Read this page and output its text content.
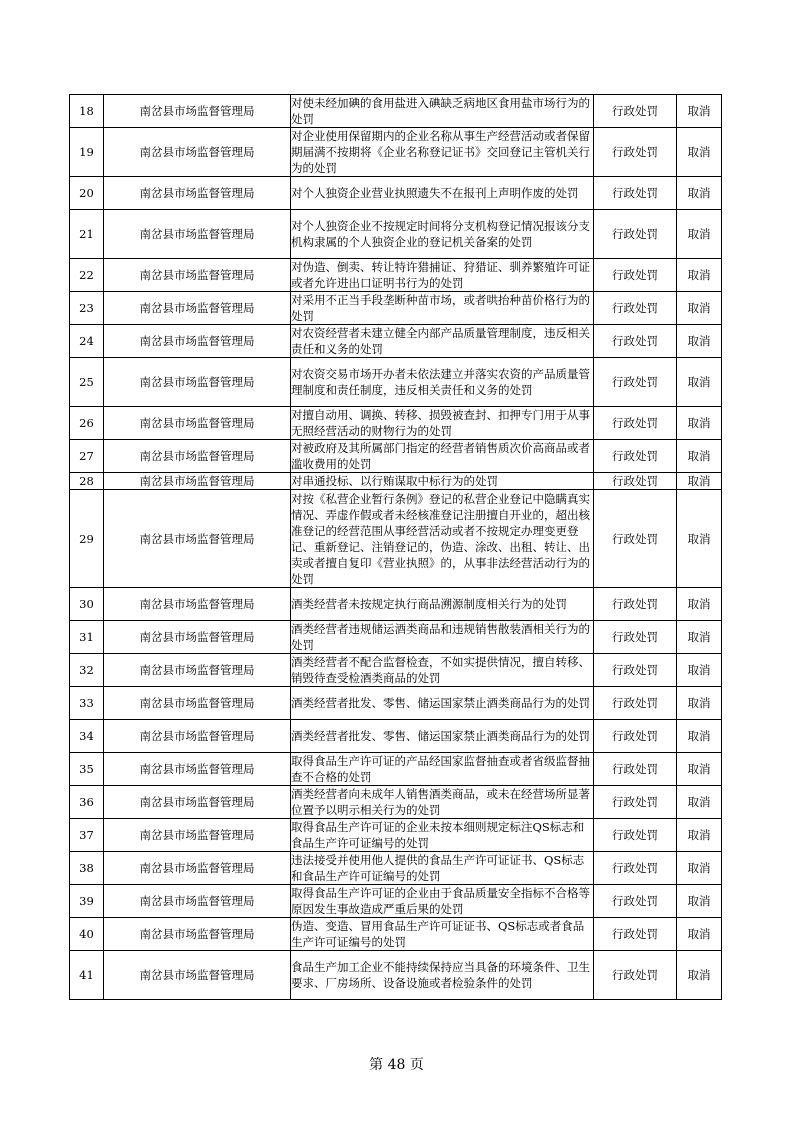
18	南岔县市场监督管理局	对使未经加碘的食用盐进入碘缺乏病地区食用盐市场行为的处罚	行政处罚	取消
19	南岔县市场监督管理局	对企业使用保留期内的企业名称从事生产经营活动或者保留期届满不按期将《企业名称登记证书》交回登记主管机关行为的处罚	行政处罚	取消
20	南岔县市场监督管理局	对个人独资企业营业执照遗失不在报刊上声明作废的处罚	行政处罚	取消
21	南岔县市场监督管理局	对个人独资企业不按规定时间将分支机构登记情况报该分支机构隶属的个人独资企业的登记机关备案的处罚	行政处罚	取消
22	南岔县市场监督管理局	对伪造、倒卖、转让特许猎捕证、狩猎证、驯养繁殖许可证或者允许进出口证明书行为的处罚	行政处罚	取消
23	南岔县市场监督管理局	对采用不正当手段垄断种苗市场，或者哄抬种苗价格行为的处罚	行政处罚	取消
24	南岔县市场监督管理局	对农资经营者未建立健全内部产品质量管理制度，违反相关责任和义务的处罚	行政处罚	取消
25	南岔县市场监督管理局	对农资交易市场开办者未依法建立并落实农资的产品质量管理制度和责任制度，违反相关责任和义务的处罚	行政处罚	取消
26	南岔县市场监督管理局	对擅自动用、调换、转移、损毁被查封、扣押专门用于从事无照经营活动的财物行为的处罚	行政处罚	取消
27	南岔县市场监督管理局	对被政府及其所属部门指定的经营者销售质次价高商品或者滥收费用的处罚	行政处罚	取消
28	南岔县市场监督管理局	对串通投标、以行贿谋取中标行为的处罚	行政处罚	取消
29	南岔县市场监督管理局	对按《私营企业暂行条例》登记的私营企业登记中隐瞒真实情况、弄虚作假或者未经核准登记注册擅自开业的，超出核准登记的经营范围从事经营活动或者不按规定办理变更登记、重新登记、注销登记的，伪造、涂改、出租、转让、出卖或者擅自复印《营业执照》的，从事非法经营活动行为的处罚	行政处罚	取消
30	南岔县市场监督管理局	酒类经营者未按规定执行商品溯源制度相关行为的处罚	行政处罚	取消
31	南岔县市场监督管理局	酒类经营者违规储运酒类商品和违规销售散装酒相关行为的处罚	行政处罚	取消
32	南岔县市场监督管理局	酒类经营者不配合监督检查，不如实提供情况，擅自转移、销毁待查受检酒类商品的处罚	行政处罚	取消
33	南岔县市场监督管理局	酒类经营者批发、零售、储运国家禁止酒类商品行为的处罚	行政处罚	取消
34	南岔县市场监督管理局	酒类经营者批发、零售、储运国家禁止酒类商品行为的处罚	行政处罚	取消
35	南岔县市场监督管理局	取得食品生产许可证的产品经国家监督抽查或者省级监督抽查不合格的处罚	行政处罚	取消
36	南岔县市场监督管理局	酒类经营者向未成年人销售酒类商品，或未在经营场所显著位置予以明示相关行为的处罚	行政处罚	取消
37	南岔县市场监督管理局	取得食品生产许可证的企业未按本细则规定标注QS标志和食品生产许可证编号的处罚	行政处罚	取消
38	南岔县市场监督管理局	违法接受并使用他人提供的食品生产许可证证书、QS标志和食品生产许可证编号的处罚	行政处罚	取消
39	南岔县市场监督管理局	取得食品生产许可证的企业由于食品质量安全指标不合格等原因发生事故造成严重后果的处罚	行政处罚	取消
40	南岔县市场监督管理局	伪造、变造、冒用食品生产许可证证书、QS标志或者食品生产许可证编号的处罚	行政处罚	取消
41	南岔县市场监督管理局	食品生产加工企业不能持续保持应当具备的环境条件、卫生要求、厂房场所、设备设施或者检验条件的处罚	行政处罚	取消
第 48 页
